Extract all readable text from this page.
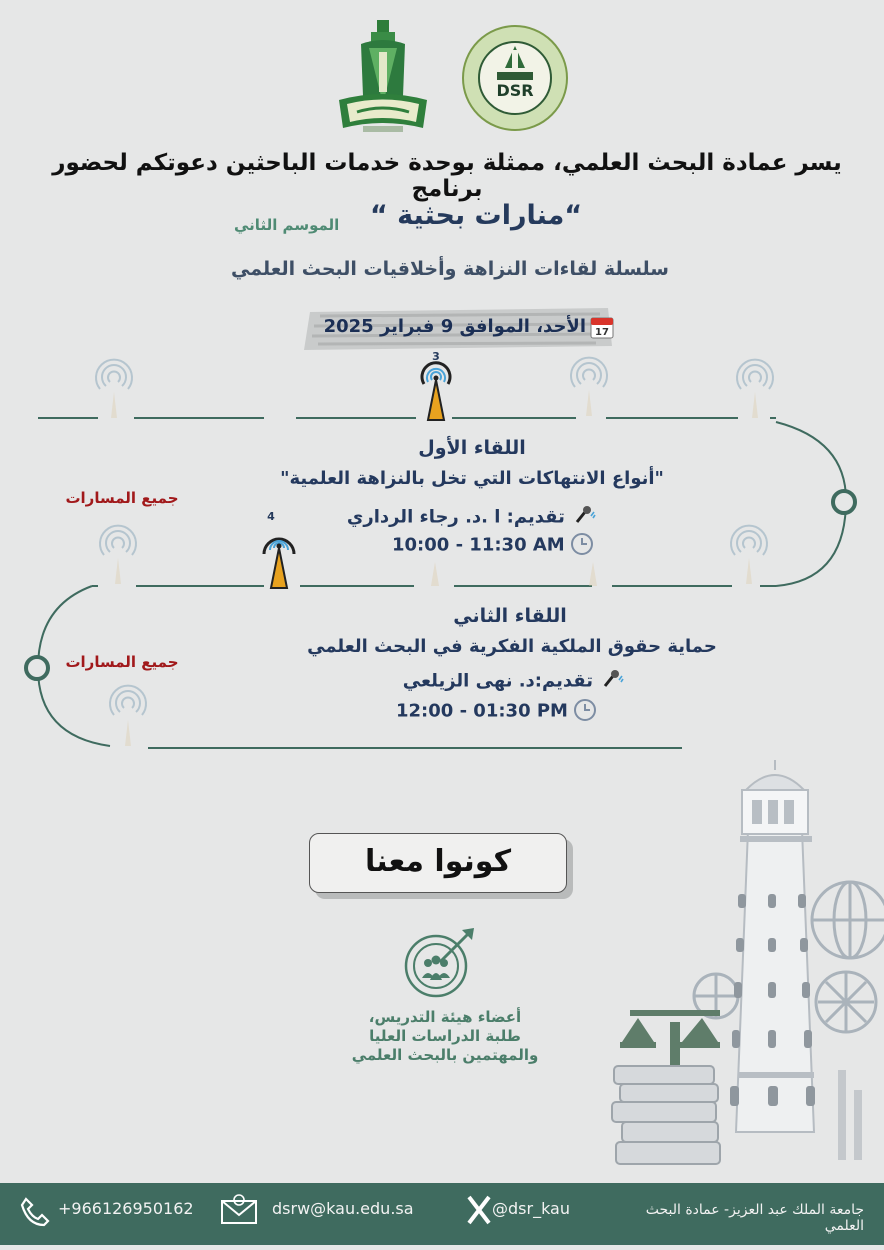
DSR
يسر عمادة البحث العلمي، ممثلة بوحدة خدمات الباحثين دعوتكم لحضور برنامج
“منارات بحثية “
الموسم الثاني
سلسلة لقاءات النزاهة وأخلاقيات البحث العلمي
17
الأحد، الموافق 9 فبراير 2025
3
4
اللقاء الأول
"أنواع الانتهاكات التي تخل بالنزاهة العلمية"
تقديم: ا .د. رجاء الرداري
10:00 - 11:30 AM
جميع المسارات
اللقاء الثاني
حماية حقوق الملكية الفكرية في البحث العلمي
تقديم:د. نهى الزيلعي
12:00 - 01:30 PM
جميع المسارات
كونوا معنا
أعضاء هيئة التدريس،
طلبة الدراسات العليا
والمهتمين بالبحث العلمي
+966126950162	dsrw@kau.edu.sa	@dsr_kau	جامعة الملك عبد العزيز- عمادة البحث العلمي
